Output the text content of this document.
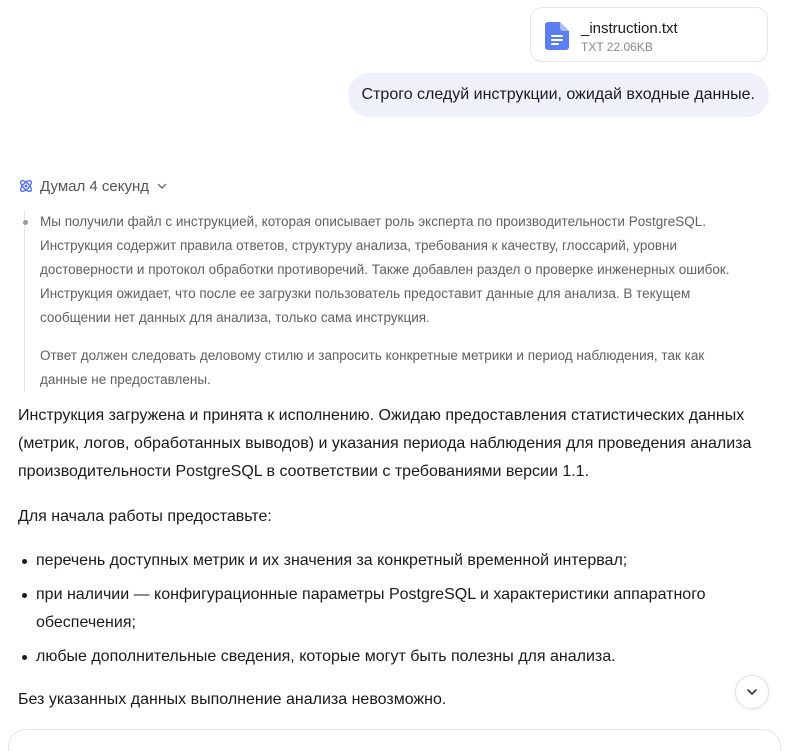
_instruction.txt
TXT 22.06KB
Строго следуй инструкции, ожидай входные данные.
Думал 4 секунд

Мы получили файл с инструкцией, которая описывает роль эксперта по производительности PostgreSQL.
Инструкция содержит правила ответов, структуру анализа, требования к качеству, глоссарий, уровни
достоверности и протокол обработки противоречий. Также добавлен раздел о проверке инженерных ошибок.
Инструкция ожидает, что после ее загрузки пользователь предоставит данные для анализа. В текущем
сообщении нет данных для анализа, только сама инструкция.

Ответ должен следовать деловому стилю и запросить конкретные метрики и период наблюдения, так как
данные не предоставлены.

Инструкция загружена и принята к исполнению. Ожидаю предоставления статистических данных
(метрик, логов, обработанных выводов) и указания периода наблюдения для проведения анализа
производительности PostgreSQL в соответствии с требованиями версии 1.1.

Для начала работы предоставьте:

перечень доступных метрик и их значения за конкретный временной интервал;

при наличии — конфигурационные параметры PostgreSQL и характеристики аппаратного
обеспечения;

любые дополнительные сведения, которые могут быть полезны для анализа.

Без указанных данных выполнение анализа невозможно.
